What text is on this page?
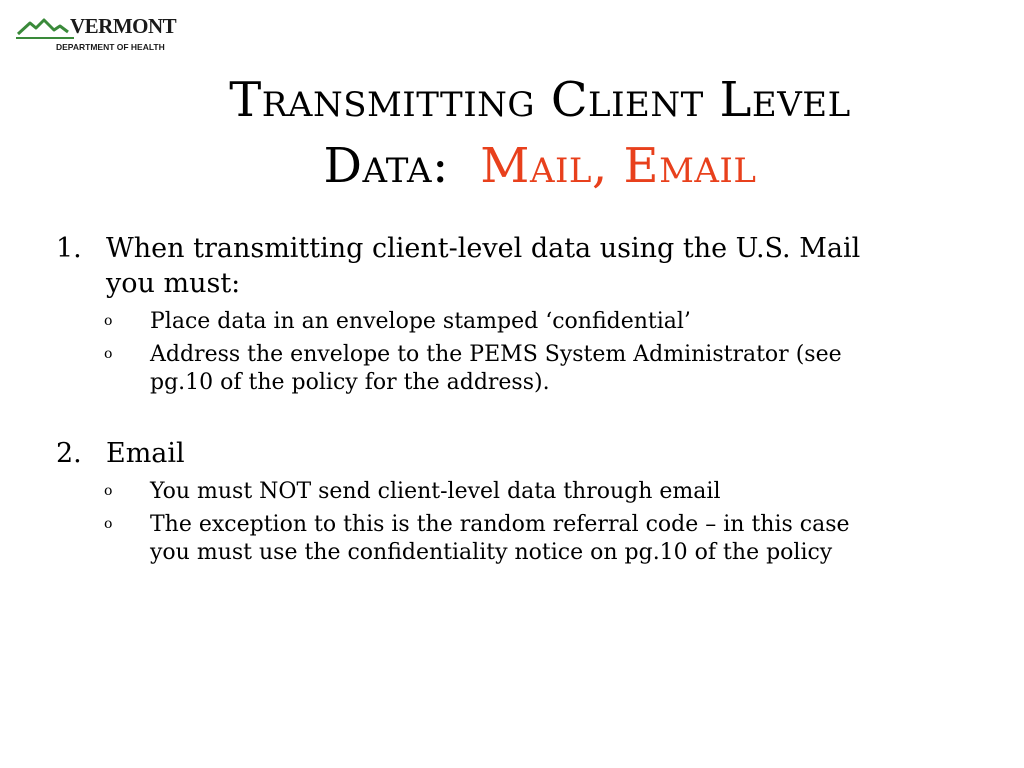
VERMONT
DEPARTMENT OF HEALTH
Transmitting Client Level
Data: Mail, Email
1. When transmitting client-level data using the U.S. Mail
you must:
o Place data in an envelope stamped ‘confidential’
o Address the envelope to the PEMS System Administrator (see
pg.10 of the policy for the address).
2. Email
o You must NOT send client-level data through email
o The exception to this is the random referral code – in this case
you must use the confidentiality notice on pg.10 of the policy
